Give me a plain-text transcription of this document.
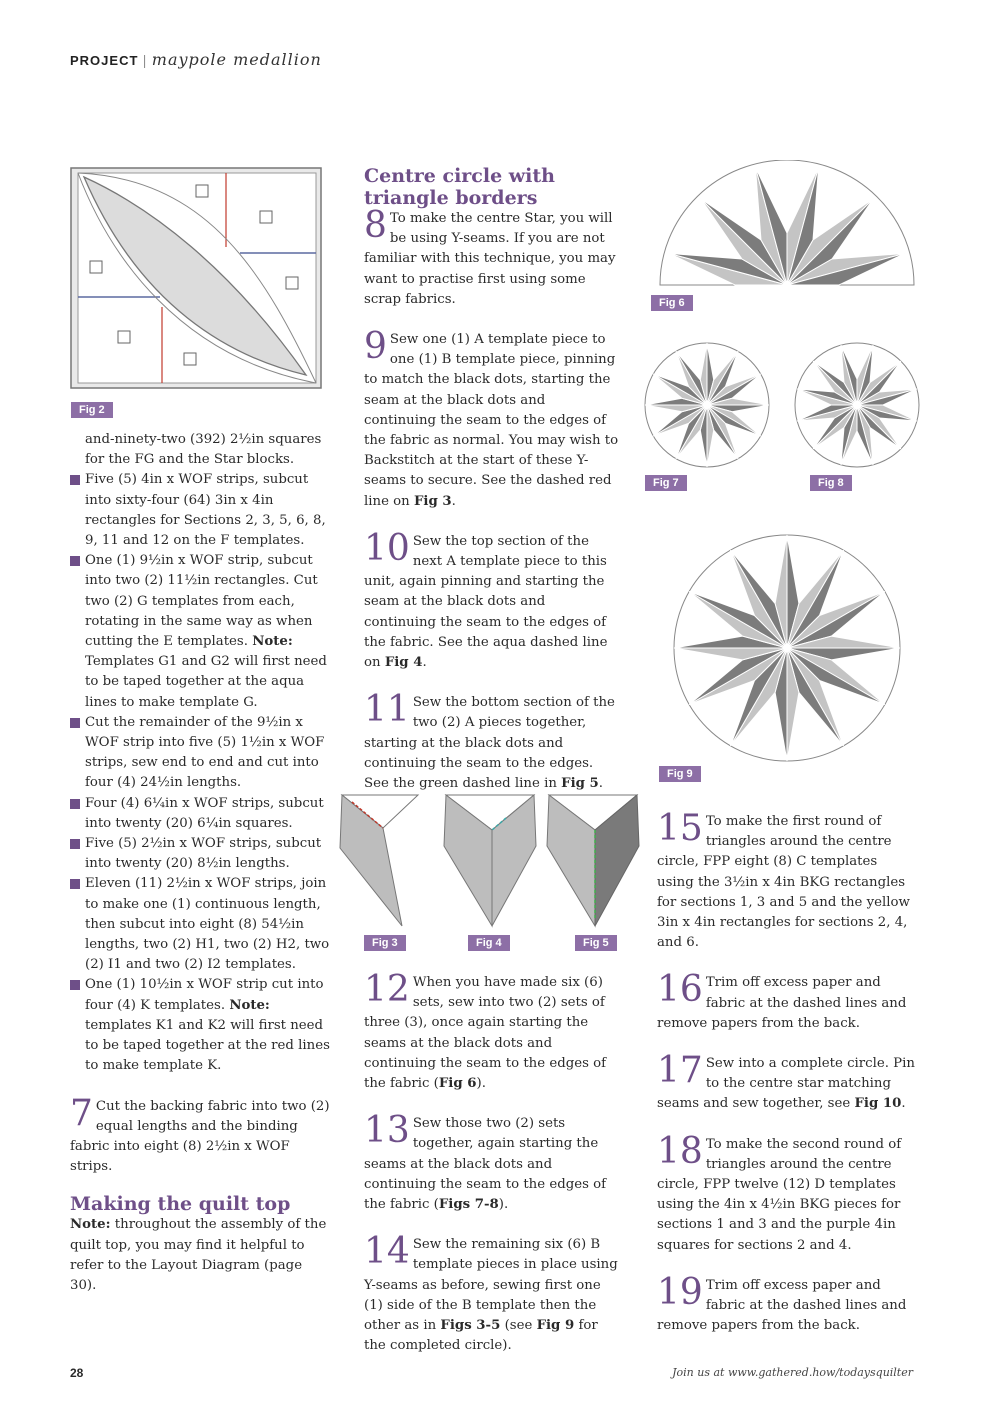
PROJECT | maypole medallion
Fig 2

and-ninety-two (392) 2½in squares for the FG and the Star blocks.

Five (5) 4in x WOF strips, subcut into sixty-four (64) 3in x 4in rectangles for Sections 2, 3, 5, 6, 8, 9, 11 and 12 on the F templates.
One (1) 9½in x WOF strip, subcut into two (2) 11½in rectangles. Cut two (2) G templates from each, rotating in the same way as when cutting the E templates. Note: Templates G1 and G2 will first need to be taped together at the aqua lines to make template G.
Cut the remainder of the 9½in x WOF strip into five (5) 1½in x WOF strips, sew end to end and cut into four (4) 24½in lengths.
Four (4) 6¼in x WOF strips, subcut into twenty (20) 6¼in squares.
Five (5) 2½in x WOF strips, subcut into twenty (20) 8½in lengths.
Eleven (11) 2½in x WOF strips, join to make one (1) continuous length, then subcut into eight (8) 54½in lengths, two (2) H1, two (2) H2, two (2) I1 and two (2) I2 templates.
One (1) 10½in x WOF strip cut into four (4) K templates. Note: templates K1 and K2 will first need to be taped together at the red lines to make template K.

7 Cut the backing fabric into two (2) equal lengths and the binding fabric into eight (8) 2½in x WOF strips.

Making the quilt top

Note: throughout the assembly of the quilt top, you may find it helpful to refer to the Layout Diagram (page 30).

Centre circle with triangle borders

8 To make the centre Star, you will be using Y-seams. If you are not familiar with this technique, you may want to practise first using some scrap fabrics.

9 Sew one (1) A template piece to one (1) B template piece, pinning to match the black dots, starting the seam at the black dots and continuing the seam to the edges of the fabric as normal. You may wish to Backstitch at the start of these Y-seams to secure. See the dashed red line on Fig 3.

10 Sew the top section of the next A template piece to this unit, again pinning and starting the seam at the black dots and continuing the seam to the edges of the fabric. See the aqua dashed line on Fig 4.

11 Sew the bottom section of the two (2) A pieces together, starting at the black dots and continuing the seam to the edges. See the green dashed line in Fig 5.

Fig 3	Fig 4	Fig 5

12 When you have made six (6) sets, sew into two (2) sets of three (3), once again starting the seams at the black dots and continuing the seam to the edges of the fabric (Fig 6).

13 Sew those two (2) sets together, again starting the seams at the black dots and continuing the seam to the edges of the fabric (Figs 7-8).

14 Sew the remaining six (6) B template pieces in place using Y-seams as before, sewing first one (1) side of the B template then the other as in Figs 3-5 (see Fig 9 for the completed circle).

Fig 6
Fig 7	Fig 8
Fig 9

15 To make the first round of triangles around the centre circle, FPP eight (8) C templates using the 3½in x 4in BKG rectangles for sections 1, 3 and 5 and the yellow 3in x 4in rectangles for sections 2, 4, and 6.

16 Trim off excess paper and fabric at the dashed lines and remove papers from the back.

17 Sew into a complete circle. Pin to the centre star matching seams and sew together, see Fig 10.

18 To make the second round of triangles around the centre circle, FPP twelve (12) D templates using the 4in x 4½in BKG pieces for sections 1 and 3 and the purple 4in squares for sections 2 and 4.

19 Trim off excess paper and fabric at the dashed lines and remove papers from the back.

28	Join us at www.gathered.how/todaysquilter
